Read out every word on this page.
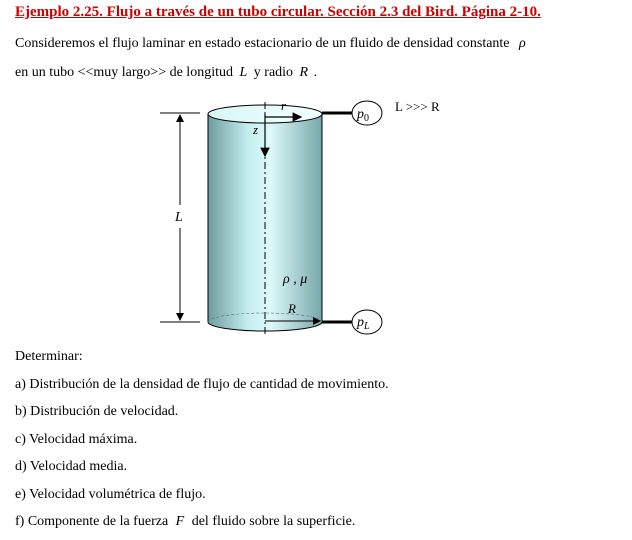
Ejemplo 2.25. Flujo a través de un tubo circular. Sección 2.3 del Bird. Página 2-10.
Consideremos el flujo laminar en estado estacionario de un fluido de densidad constante ρ
en un tubo <<muy largo>> de longitud L y radio R .
r
z
ρ , μ
R
L
$p_0$
$p_L$
L >>> R
Determinar:
a) Distribución de la densidad de flujo de cantidad de movimiento.
b) Distribución de velocidad.
c) Velocidad máxima.
d) Velocidad media.
e) Velocidad volumétrica de flujo.
f) Componente de la fuerza F del fluido sobre la superficie.
